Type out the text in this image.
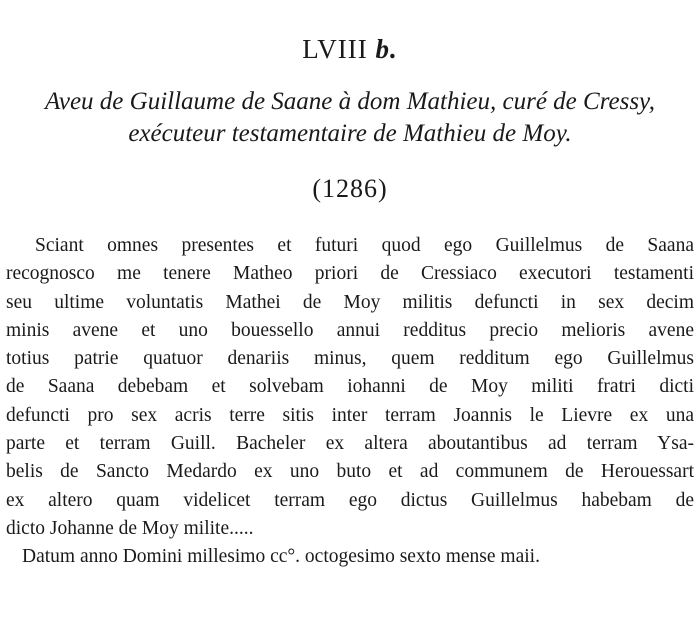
LVIII b.
Aveu de Guillaume de Saane à dom Mathieu, curé de Cressy,
exécuteur testamentaire de Mathieu de Moy.
(1286)
Sciant omnes presentes et futuri quod ego Guillelmus de Saana
recognosco me tenere Matheo priori de Cressiaco executori testamenti
seu ultime voluntatis Mathei de Moy militis defuncti in sex decim
minis avene et uno bouessello annui redditus precio melioris avene
totius patrie quatuor denariis minus, quem redditum ego Guillelmus
de Saana debebam et solvebam iohanni de Moy militi fratri dicti
defuncti pro sex acris terre sitis inter terram Joannis le Lievre ex una
parte et terram Guill. Bacheler ex altera aboutantibus ad terram Ysa-
belis de Sancto Medardo ex uno buto et ad communem de Herouessart
ex altero quam videlicet terram ego dictus Guillelmus habebam de
dicto Johanne de Moy milite.....
Datum anno Domini millesimo cc°. octogesimo sexto mense maii.
